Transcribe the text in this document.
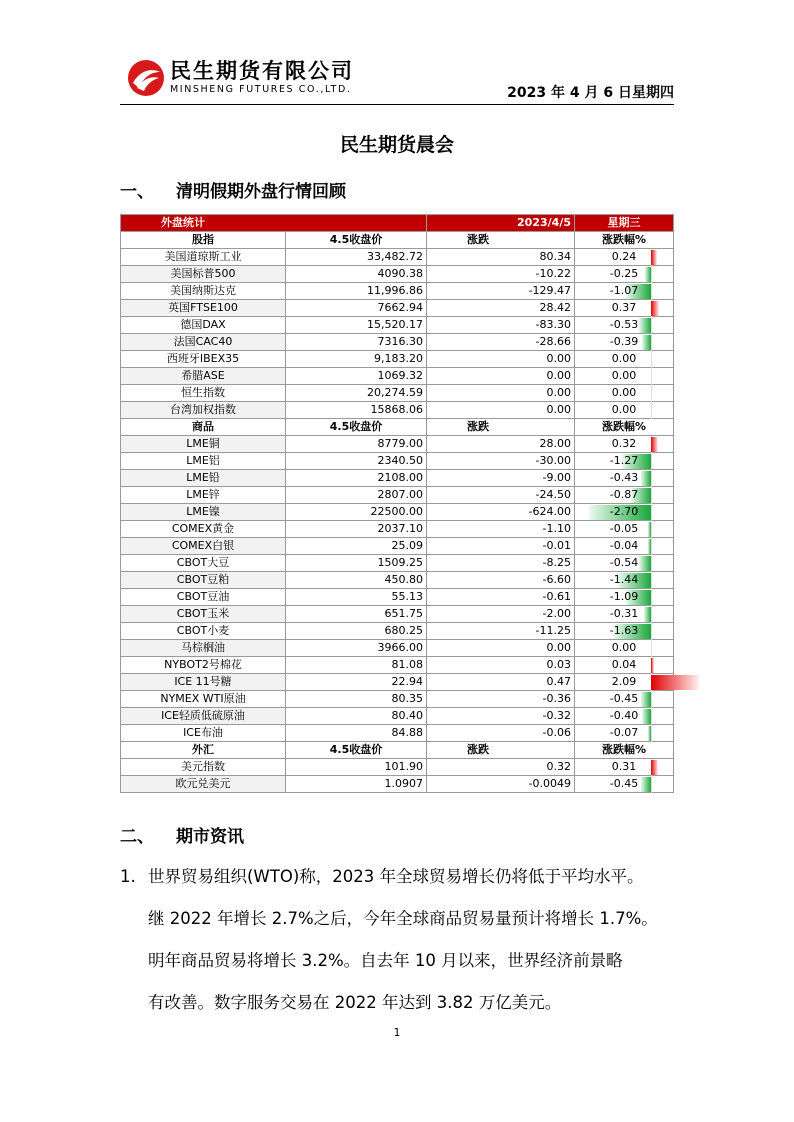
民生期货有限公司
MINSHENG FUTURES CO.,LTD.	2023 年 4 月 6 日星期四
民生期货晨会
一、 清明假期外盘行情回顾
外盘统计		2023/4/5	星期三
股指	4.5收盘价	涨跌	涨跌幅%
美国道琼斯工业	33,482.72	80.34	0.24
美国标普500	4090.38	-10.22	-0.25
美国纳斯达克	11,996.86	-129.47	-1.07
英国FTSE100	7662.94	28.42	0.37
德国DAX	15,520.17	-83.30	-0.53
法国CAC40	7316.30	-28.66	-0.39
西班牙IBEX35	9,183.20	0.00	0.00
希腊ASE	1069.32	0.00	0.00
恒生指数	20,274.59	0.00	0.00
台湾加权指数	15868.06	0.00	0.00
商品	4.5收盘价	涨跌	涨跌幅%
LME铜	8779.00	28.00	0.32
LME铝	2340.50	-30.00	-1.27
LME铅	2108.00	-9.00	-0.43
LME锌	2807.00	-24.50	-0.87
LME镍	22500.00	-624.00	-2.70
COMEX黄金	2037.10	-1.10	-0.05
COMEX白银	25.09	-0.01	-0.04
CBOT大豆	1509.25	-8.25	-0.54
CBOT豆粕	450.80	-6.60	-1.44
CBOT豆油	55.13	-0.61	-1.09
CBOT玉米	651.75	-2.00	-0.31
CBOT小麦	680.25	-11.25	-1.63
马棕榈油	3966.00	0.00	0.00
NYBOT2号棉花	81.08	0.03	0.04
ICE 11号糖	22.94	0.47	2.09
NYMEX WTI原油	80.35	-0.36	-0.45
ICE轻质低硫原油	80.40	-0.32	-0.40
ICE布油	84.88	-0.06	-0.07
外汇	4.5收盘价	涨跌	涨跌幅%
美元指数	101.90	0.32	0.31
欧元兑美元	1.0907	-0.0049	-0.45
二、 期市资讯
1. 世界贸易组织(WTO)称，2023 年全球贸易增长仍将低于平均水平。
继 2022 年增长 2.7%之后，今年全球商品贸易量预计将增长 1.7%。
明年商品贸易将增长 3.2%。自去年 10 月以来，世界经济前景略
有改善。数字服务交易在 2022 年达到 3.82 万亿美元。
1
